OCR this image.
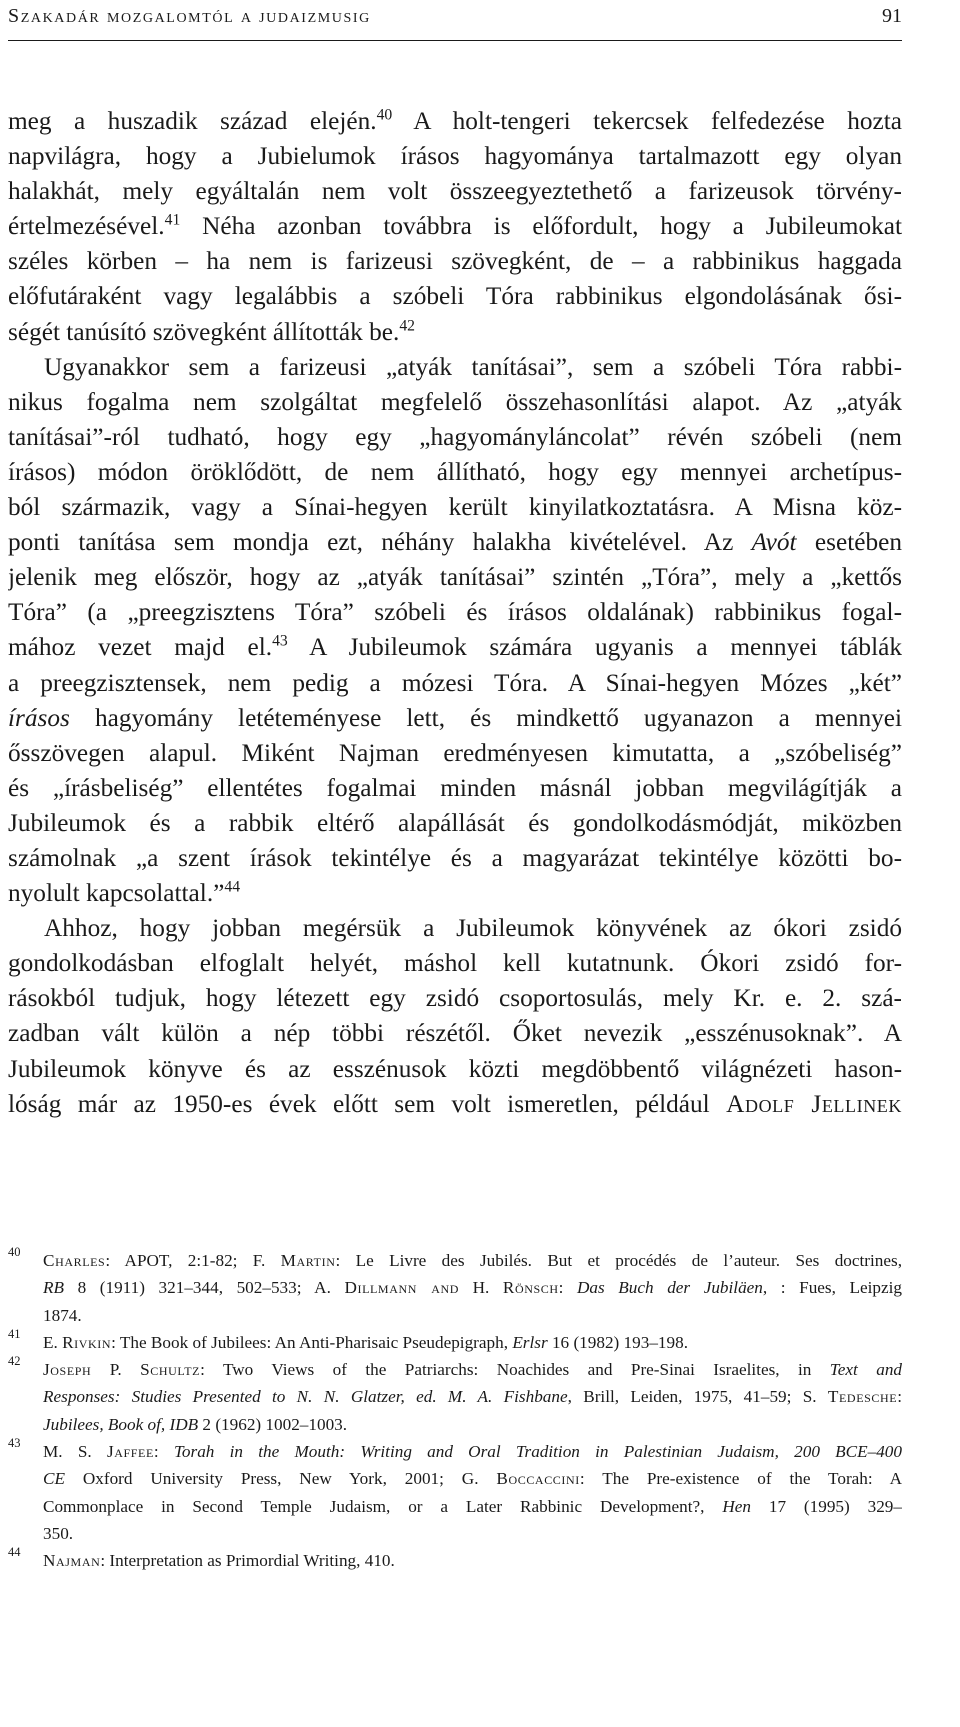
Szakadár mozgalomtól a judaizmusig	91
meg a huszadik század elején.$^{40}$ A holt-tengeri tekercsek felfedezése hozta
napvilágra, hogy a Jubielumok írásos hagyománya tartalmazott egy olyan
halakhát, mely egyáltalán nem volt összeegyeztethető a farizeusok törvény-
értelmezésével.$^{41}$ Néha azonban továbbra is előfordult, hogy a Jubileumokat
széles körben – ha nem is farizeusi szövegként, de – a rabbinikus haggada
előfutáraként vagy legalábbis a szóbeli Tóra rabbinikus elgondolásának ősi-
ségét tanúsító szövegként állították be.$^{42}$
Ugyanakkor sem a farizeusi „atyák tanításai”, sem a szóbeli Tóra rabbi-
nikus fogalma nem szolgáltat megfelelő összehasonlítási alapot. Az „atyák
tanításai”-ról tudható, hogy egy „hagyományláncolat” révén szóbeli (nem
írásos) módon öröklődött, de nem állítható, hogy egy mennyei archetípus-
ból származik, vagy a Sínai-hegyen került kinyilatkoztatásra. A Misna köz-
ponti tanítása sem mondja ezt, néhány halakha kivételével. Az Avót esetében
jelenik meg először, hogy az „atyák tanításai” szintén „Tóra”, mely a „kettős
Tóra” (a „preegzisztens Tóra” szóbeli és írásos oldalának) rabbinikus fogal-
mához vezet majd el.$^{43}$ A Jubileumok számára ugyanis a mennyei táblák
a preegzisztensek, nem pedig a mózesi Tóra. A Sínai-hegyen Mózes „két”
írásos hagyomány letéteményese lett, és mindkettő ugyanazon a mennyei
ősszövegen alapul. Miként Najman eredményesen kimutatta, a „szóbeliség”
és „írásbeliség” ellentétes fogalmai minden másnál jobban megvilágítják a
Jubileumok és a rabbik eltérő alapállását és gondolkodásmódját, miközben
számolnak „a szent írások tekintélye és a magyarázat tekintélye közötti bo-
nyolult kapcsolattal.”$^{44}$
Ahhoz, hogy jobban megérsük a Jubileumok könyvének az ókori zsidó
gondolkodásban elfoglalt helyét, máshol kell kutatnunk. Ókori zsidó for-
rásokból tudjuk, hogy létezett egy zsidó csoportosulás, mely Kr. e. 2. szá-
zadban vált külön a nép többi részétől. Őket nevezik „esszénusoknak”. A
Jubileumok könyve és az esszénusok közti megdöbbentő világnézeti hason-
lóság már az 1950-es évek előtt sem volt ismeretlen, például Adolf Jellinek
40 Charles: APOT, 2:1-82; F. Martin: Le Livre des Jubilés. But et procédés de l’auteur. Ses doctrines,
RB 8 (1911) 321–344, 502–533; A. Dillmann and H. Rönsch: Das Buch der Jubiläen, : Fues, Leipzig
1874.
41 E. Rivkin: The Book of Jubilees: An Anti-Pharisaic Pseudepigraph, Erlsr 16 (1982) 193–198.
42 Joseph P. Schultz: Two Views of the Patriarchs: Noachides and Pre-Sinai Israelites, in Text and
Responses: Studies Presented to N. N. Glatzer, ed. M. A. Fishbane, Brill, Leiden, 1975, 41–59; S. Tedesche:
Jubilees, Book of, IDB 2 (1962) 1002–1003.
43 M. S. Jaffee: Torah in the Mouth: Writing and Oral Tradition in Palestinian Judaism, 200 BCE–400
CE Oxford University Press, New York, 2001; G. Boccaccini: The Pre-existence of the Torah: A
Commonplace in Second Temple Judaism, or a Later Rabbinic Development?, Hen 17 (1995) 329–
350.
44 Najman: Interpretation as Primordial Writing, 410.
